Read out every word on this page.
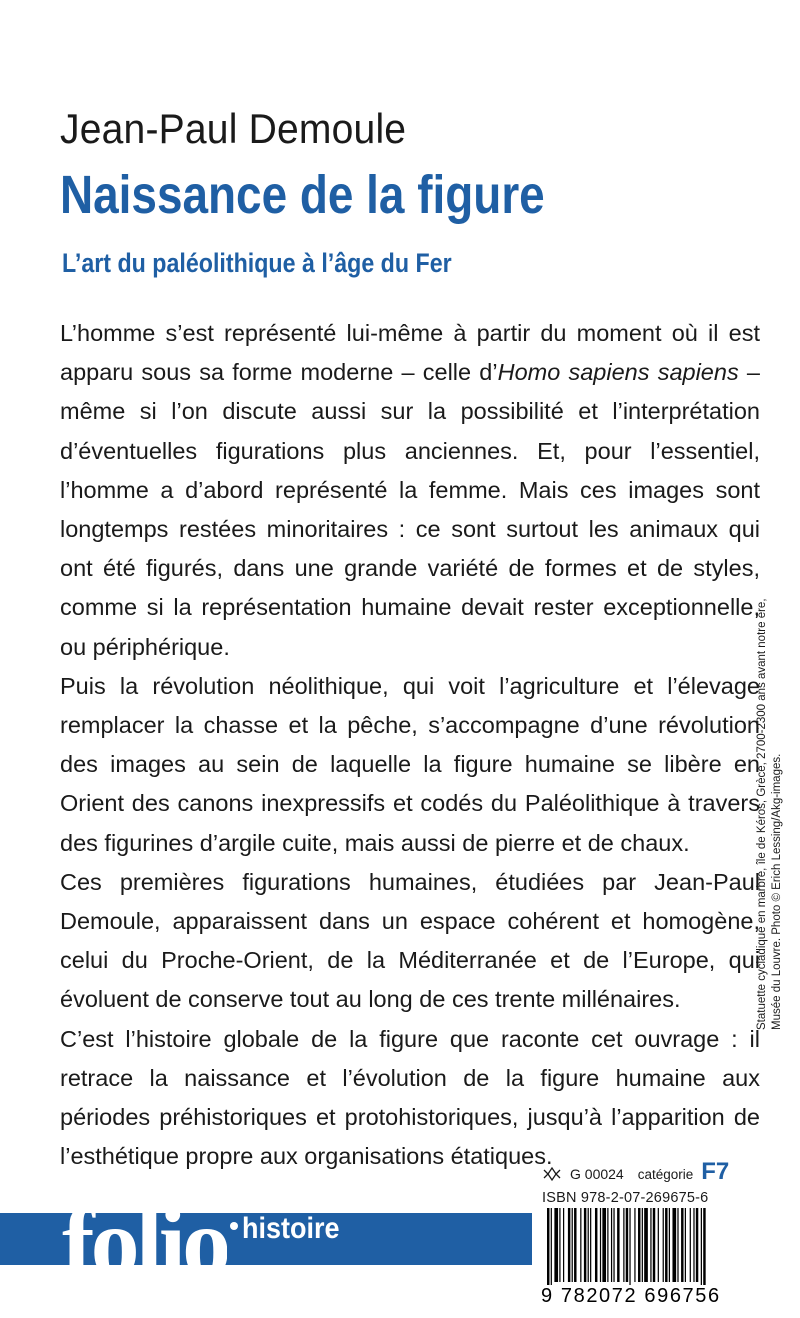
Jean-Paul Demoule
Naissance de la figure
L’art du paléolithique à l’âge du Fer

L’homme s’est représenté lui-même à partir du moment où il est apparu sous sa forme moderne – celle d’Homo sapiens sapiens – même si l’on discute aussi sur la possibilité et l’interprétation d’éventuelles figurations plus anciennes. Et, pour l’essentiel, l’homme a d’abord représenté la femme. Mais ces images sont longtemps restées minoritaires : ce sont surtout les animaux qui ont été figurés, dans une grande variété de formes et de styles, comme si la représentation humaine devait rester exceptionnelle, ou périphérique.

Puis la révolution néolithique, qui voit l’agriculture et l’élevage remplacer la chasse et la pêche, s’accompagne d’une révolution des images au sein de laquelle la figure humaine se libère en Orient des canons inexpressifs et codés du Paléolithique à travers des figurines d’argile cuite, mais aussi de pierre et de chaux.

Ces premières figurations humaines, étudiées par Jean-Paul Demoule, apparaissent dans un espace cohérent et homogène, celui du Proche-Orient, de la Méditerranée et de l’Europe, qui évoluent de conserve tout au long de ces trente millénaires.

C’est l’histoire globale de la figure que raconte cet ouvrage : il retrace la naissance et l’évolution de la figure humaine aux périodes préhistoriques et protohistoriques, jusqu’à l’apparition de l’esthétique propre aux organisations étatiques.

Statuette cycladique en marbre, île de Kéros, Grèce, 2700-2300 ans avant notre ère, Musée du Louvre. Photo © Erich Lessing/Akg-images.
G 00024 catégorie F7
ISBN 978-2-07-269675-6
folio histoire
9 782072 696756
